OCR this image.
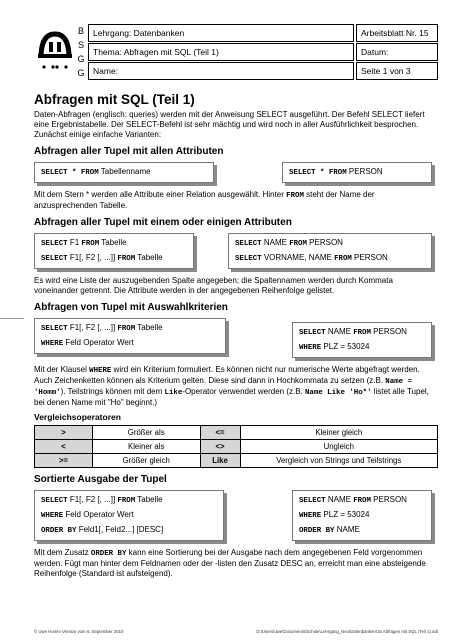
B
S
G
G
Lehrgang: Datenbanken	Arbeitsblatt Nr. 15
Thema: Abfragen mit SQL (Teil 1)	Datum:
Name:	Seite 1 von 3
Abfragen mit SQL (Teil 1)

Daten-Abfragen (englisch: queries) werden mit der Anweisung SELECT ausgeführt. Der Befehl SELECT liefert eine Ergebnistabelle. Der SELECT-Befehl ist sehr mächtig und wird noch in aller Ausführlichkeit besprochen. Zunächst einige einfache Varianten:

Abfragen aller Tupel mit allen Attributen
SELECT * FROM Tabellenname	SELECT * FROM PERSON

Mit dem Stern * werden alle Attribute einer Relation ausgewählt. Hinter FROM steht der Name der anzusprechenden Tabelle.

Abfragen aller Tupel mit einem oder einigen Attributen
SELECT F1 FROM Tabelle
SELECT F1[, F2 [, ...]] FROM Tabelle
SELECT NAME FROM PERSON
SELECT VORNAME, NAME FROM PERSON

Es wird eine Liste der auszugebenden Spalte angegeben; die Spaltennamen werden durch Kommata voneinander getrennt. Die Attribute werden in der angegebenen Reihenfolge gelistet.

Abfragen von Tupel mit Auswahlkriterien
SELECT F1[, F2 [, ...]] FROM Tabelle
WHERE Feld Operator Wert
SELECT NAME FROM PERSON
WHERE PLZ = 53024

Mit der Klausel WHERE wird ein Kriterium formuliert. Es können nicht nur numerische Werte abgefragt werden. Auch Zeichenketten können als Kriterium gelten. Diese sind dann in Hochkommata zu setzen (z.B. Name = 'Homm'). Teilstrings können mit dem Like-Operator verwendet werden (z.B. Name Like 'Ho*' listet alle Tupel, bei denen Name mit "Ho" beginnt.)

Vergleichsoperatoren
>	Größer als	<=	Kleiner gleich
<	Kleiner als	<>	Ungleich
>=	Größer gleich	Like	Vergleich von Strings und Teilstrings
Sortierte Ausgabe der Tupel
SELECT F1[, F2 [, ...]] FROM Tabelle
WHERE Feld Operator Wert
ORDER BY Feld1[, Feld2...] [DESC]
SELECT NAME FROM PERSON
WHERE PLZ = 53024
ORDER BY NAME

Mit dem Zusatz ORDER BY kann eine Sortierung bei der Ausgabe nach dem angegebenen Feld vorgenommen werden. Fügt man hinter dem Feldnamen oder der -listen den Zusatz DESC an, erreicht man eine absteigende Reihenfolge (Standard ist aufsteigend).

© Uwe Homm Version vom 6. September 2010	D:\Users\uwe\Documents\Schule\Lehrgang_Neu\Datenbanken\15 Abfragen mit SQL (Teil 1).odt
